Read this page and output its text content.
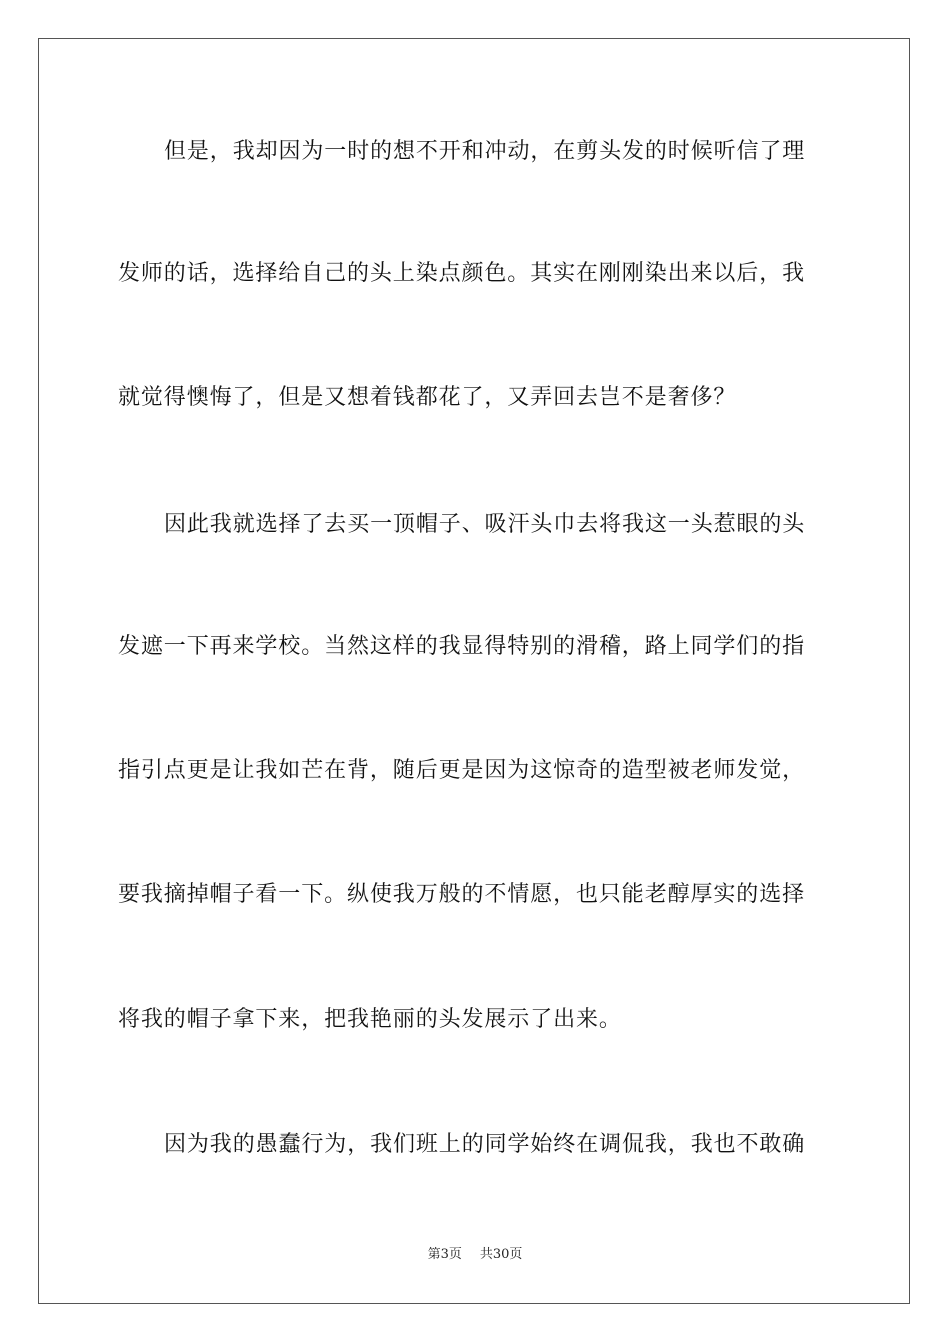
但是，我却因为一时的想不开和冲动，在剪头发的时候听信了理
发师的话，选择给自己的头上染点颜色。其实在刚刚染出来以后，我
就觉得懊悔了，但是又想着钱都花了，又弄回去岂不是奢侈？
因此我就选择了去买一顶帽子、吸汗头巾去将我这一头惹眼的头
发遮一下再来学校。当然这样的我显得特别的滑稽，路上同学们的指
指引点更是让我如芒在背，随后更是因为这惊奇的造型被老师发觉，
要我摘掉帽子看一下。纵使我万般的不情愿，也只能老醇厚实的选择
将我的帽子拿下来，把我艳丽的头发展示了出来。
因为我的愚蠢行为，我们班上的同学始终在调侃我，我也不敢确
第3页 共30页
